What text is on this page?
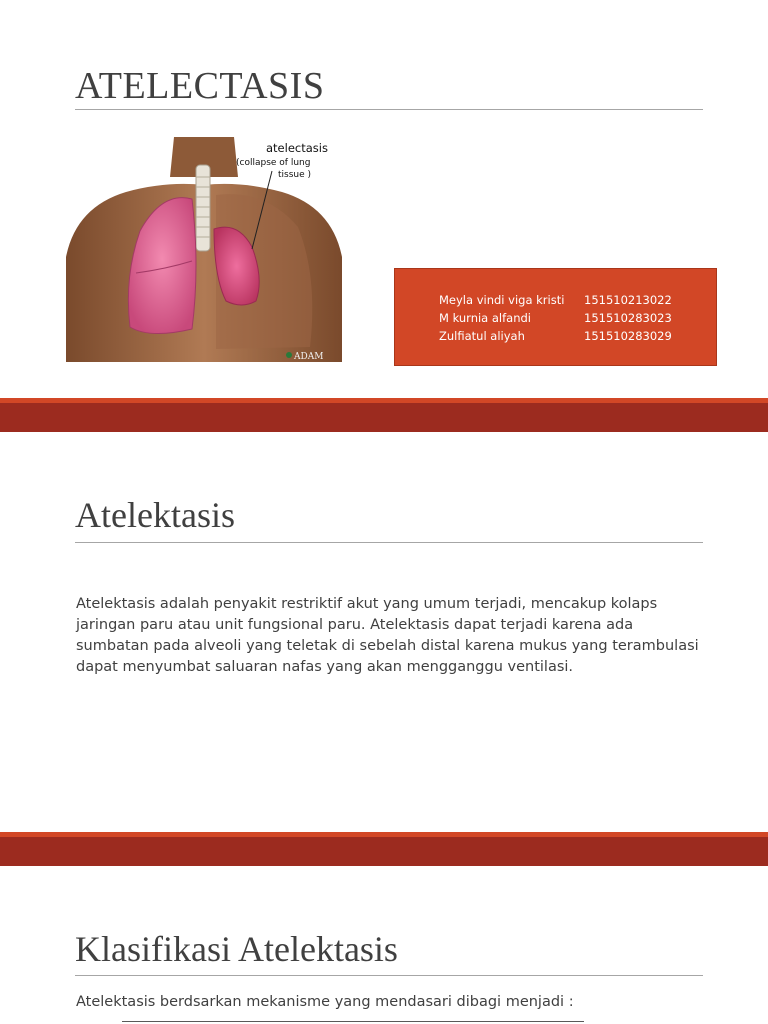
ATELECTASIS
atelectasis
(collapse of lung
tissue )
ADAM
Meyla vindi viga kristi	151510213022
M kurnia alfandi	151510283023
Zulfiatul aliyah	151510283029
Atelektasis

Atelektasis adalah penyakit restriktif akut yang umum terjadi, mencakup kolaps jaringan paru atau unit fungsional paru. Atelektasis dapat terjadi karena ada sumbatan pada alveoli yang teletak di sebelah distal karena mukus yang terambulasi dapat menyumbat saluaran nafas yang akan mengganggu ventilasi.

Klasifikasi Atelektasis

Atelektasis berdsarkan mekanisme yang mendasari dibagi menjadi :
